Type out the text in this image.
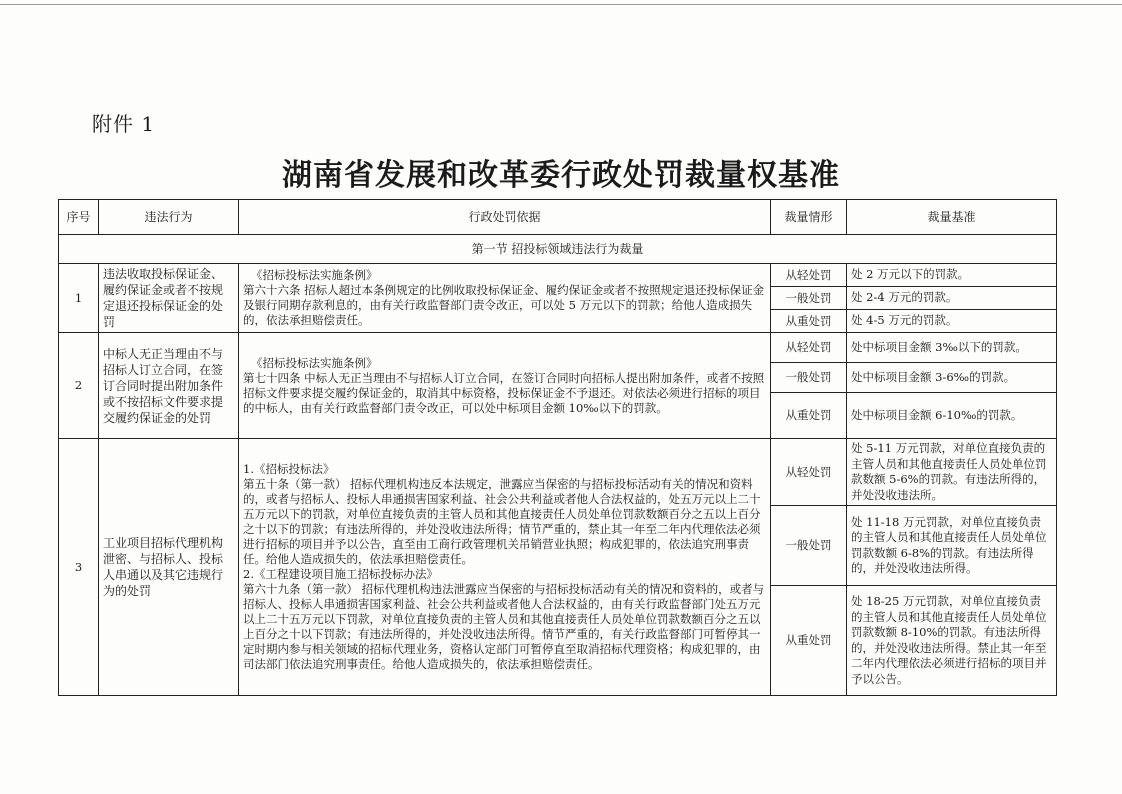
附件 1
湖南省发展和改革委行政处罚裁量权基准
序号	违法行为	行政处罚依据	裁量情形	裁量基准
第一节 招投标领域违法行为裁量				
1	违法收取投标保证金、履约保证金或者不按规定退还投标保证金的处罚	《招标投标法实施条例》

第六十六条 招标人超过本条例规定的比例收取投标保证金、履约保证金或者不按照规定退还投标保证金及银行同期存款利息的，由有关行政监督部门责令改正，可以处 5 万元以下的罚款；给他人造成损失的，依法承担赔偿责任。	从轻处罚	处 2 万元以下的罚款。
			一般处罚	处 2-4 万元的罚款。
			从重处罚	处 4-5 万元的罚款。
2	中标人无正当理由不与招标人订立合同，在签订合同时提出附加条件或不按招标文件要求提交履约保证金的处罚	《招标投标法实施条例》

第七十四条 中标人无正当理由不与招标人订立合同，在签订合同时向招标人提出附加条件，或者不按照招标文件要求提交履约保证金的，取消其中标资格，投标保证金不予退还。对依法必须进行招标的项目的中标人，由有关行政监督部门责令改正，可以处中标项目金额 10‰以下的罚款。	从轻处罚	处中标项目金额 3‰以下的罚款。
			一般处罚	处中标项目金额 3-6‰的罚款。
			从重处罚	处中标项目金额 6-10‰的罚款。
3	工业项目招标代理机构泄密、与招标人、投标人串通以及其它违规行为的处罚	1.《招标投标法》

第五十条（第一款） 招标代理机构违反本法规定，泄露应当保密的与招标投标活动有关的情况和资料的，或者与招标人、投标人串通损害国家利益、社会公共利益或者他人合法权益的，处五万元以上二十五万元以下的罚款，对单位直接负责的主管人员和其他直接责任人员处单位罚款数额百分之五以上百分之十以下的罚款；有违法所得的，并处没收违法所得；情节严重的，禁止其一年至二年内代理依法必须进行招标的项目并予以公告，直至由工商行政管理机关吊销营业执照；构成犯罪的，依法追究刑事责任。给他人造成损失的，依法承担赔偿责任。

2.《工程建设项目施工招标投标办法》

第六十九条（第一款） 招标代理机构违法泄露应当保密的与招标投标活动有关的情况和资料的，或者与招标人、投标人串通损害国家利益、社会公共利益或者他人合法权益的，由有关行政监督部门处五万元以上二十五万元以下罚款，对单位直接负责的主管人员和其他直接责任人员处单位罚款数额百分之五以上百分之十以下罚款；有违法所得的，并处没收违法所得。情节严重的，有关行政监督部门可暂停其一定时期内参与相关领域的招标代理业务，资格认定部门可暂停直至取消招标代理资格；构成犯罪的，由司法部门依法追究刑事责任。给他人造成损失的，依法承担赔偿责任。	从轻处罚	处 5-11 万元罚款，对单位直接负责的主管人员和其他直接责任人员处单位罚款数额 5-6%的罚款。有违法所得的，并处没收违法所。
			一般处罚	处 11-18 万元罚款，对单位直接负责的主管人员和其他直接责任人员处单位罚款数额 6-8%的罚款。有违法所得的，并处没收违法所得。
			从重处罚	处 18-25 万元罚款，对单位直接负责的主管人员和其他直接责任人员处单位罚款数额 8-10%的罚款。有违法所得的，并处没收违法所得。禁止其一年至二年内代理依法必须进行招标的项目并予以公告。
